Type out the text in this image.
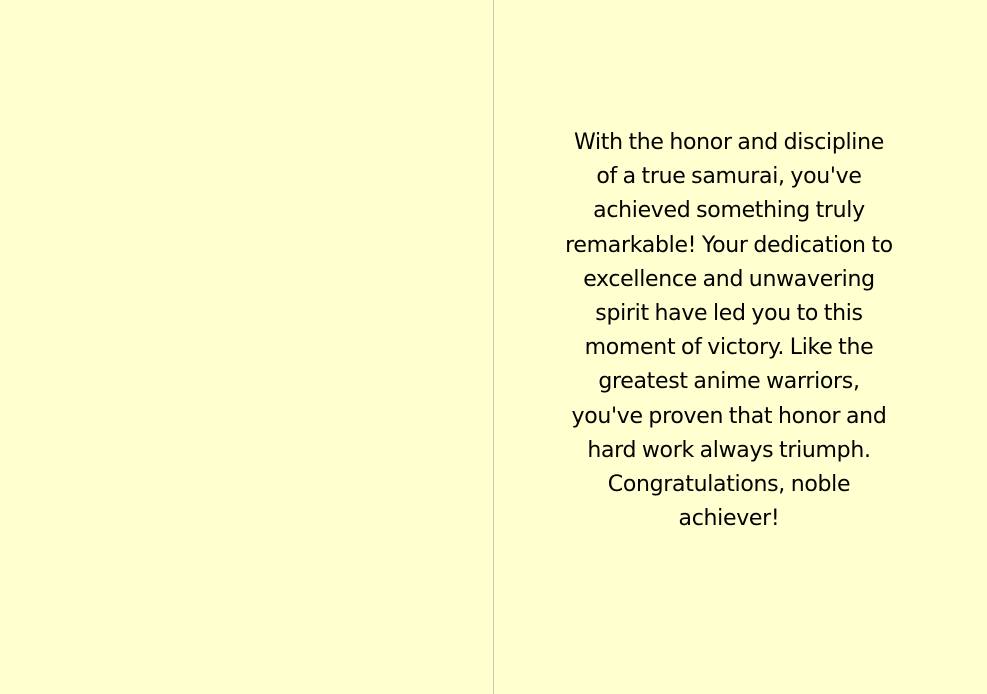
With the honor and discipline of a true samurai, you've achieved something truly remarkable! Your dedication to excellence and unwavering spirit have led you to this moment of victory. Like the greatest anime warriors, you've proven that honor and hard work always triumph. Congratulations, noble achiever!
